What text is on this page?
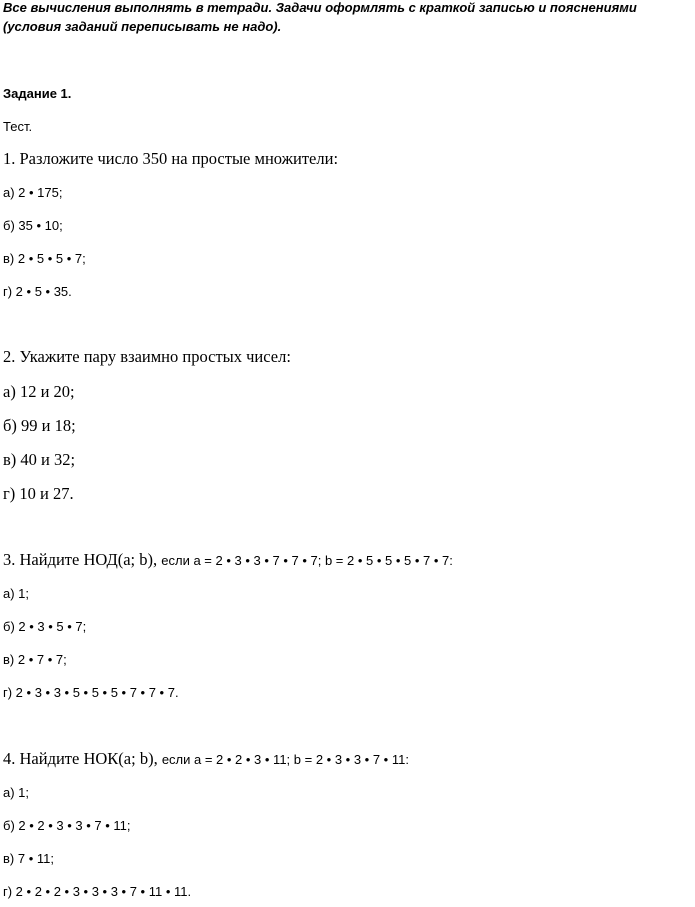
Все вычисления выполнять в тетради. Задачи оформлять с краткой записью и пояснениями
(условия заданий переписывать не надо).
Задание 1.
Тест.
1. Разложите число 350 на простые множители:
а) 2 • 175;
б) 35 • 10;
в) 2 • 5 • 5 • 7;
г) 2 • 5 • 35.
2. Укажите пару взаимно простых чисел:
а) 12 и 20;
б) 99 и 18;
в) 40 и 32;
г) 10 и 27.
3. Найдите НОД(a; b), если а = 2 • 3 • 3 • 7 • 7 • 7; b = 2 • 5 • 5 • 5 • 7 • 7:
а) 1;
б) 2 • 3 • 5 • 7;
в) 2 • 7 • 7;
г) 2 • 3 • 3 • 5 • 5 • 5 • 7 • 7 • 7.
4. Найдите НОК(a; b), если а = 2 • 2 • 3 • 11; b = 2 • 3 • 3 • 7 • 11:
а) 1;
б) 2 • 2 • 3 • 3 • 7 • 11;
в) 7 • 11;
г) 2 • 2 • 2 • 3 • 3 • 3 • 7 • 11 • 11.
